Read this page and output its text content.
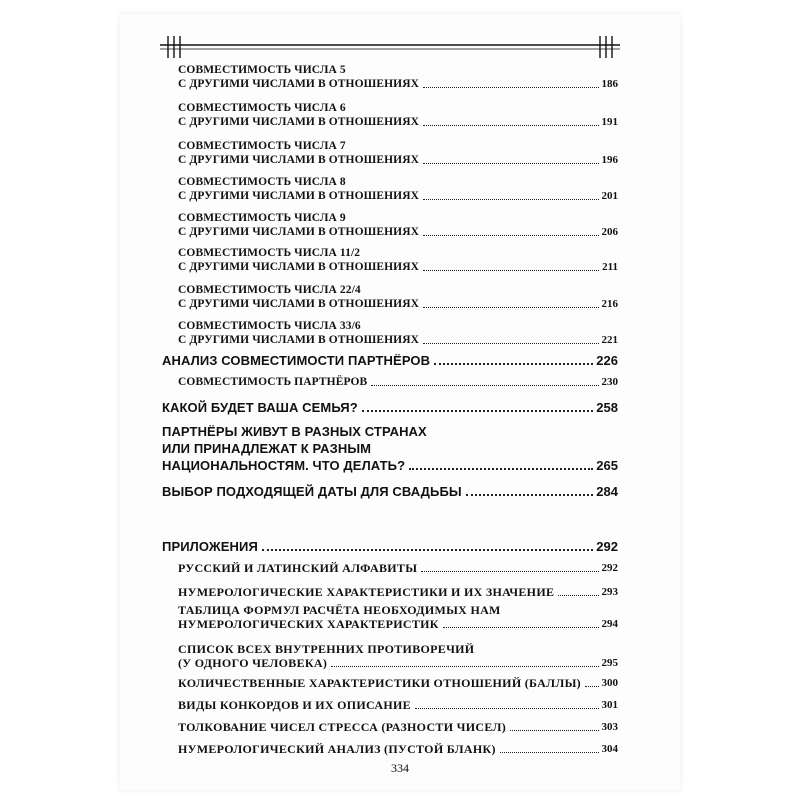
СОВМЕСТИМОСТЬ ЧИСЛА 5
С ДРУГИМИ ЧИСЛАМИ В ОТНОШЕНИЯХ	186
СОВМЕСТИМОСТЬ ЧИСЛА 6
С ДРУГИМИ ЧИСЛАМИ В ОТНОШЕНИЯХ	191
СОВМЕСТИМОСТЬ ЧИСЛА 7
С ДРУГИМИ ЧИСЛАМИ В ОТНОШЕНИЯХ	196
СОВМЕСТИМОСТЬ ЧИСЛА 8
С ДРУГИМИ ЧИСЛАМИ В ОТНОШЕНИЯХ	201
СОВМЕСТИМОСТЬ ЧИСЛА 9
С ДРУГИМИ ЧИСЛАМИ В ОТНОШЕНИЯХ	206
СОВМЕСТИМОСТЬ ЧИСЛА 11/2
С ДРУГИМИ ЧИСЛАМИ В ОТНОШЕНИЯХ	211
СОВМЕСТИМОСТЬ ЧИСЛА 22/4
С ДРУГИМИ ЧИСЛАМИ В ОТНОШЕНИЯХ	216
СОВМЕСТИМОСТЬ ЧИСЛА 33/6
С ДРУГИМИ ЧИСЛАМИ В ОТНОШЕНИЯХ	221
АНАЛИЗ СОВМЕСТИМОСТИ ПАРТНЁРОВ	226
СОВМЕСТИМОСТЬ ПАРТНЁРОВ	230
КАКОЙ БУДЕТ ВАША СЕМЬЯ?	258
ПАРТНЁРЫ ЖИВУТ В РАЗНЫХ СТРАНАХ
ИЛИ ПРИНАДЛЕЖАТ К РАЗНЫМ
НАЦИОНАЛЬНОСТЯМ. ЧТО ДЕЛАТЬ?	265
ВЫБОР ПОДХОДЯЩЕЙ ДАТЫ ДЛЯ СВАДЬБЫ	284
ПРИЛОЖЕНИЯ	292
РУССКИЙ И ЛАТИНСКИЙ АЛФАВИТЫ	292
НУМЕРОЛОГИЧЕСКИЕ ХАРАКТЕРИСТИКИ И ИХ ЗНАЧЕНИЕ	293
ТАБЛИЦА ФОРМУЛ РАСЧЁТА НЕОБХОДИМЫХ НАМ
НУМЕРОЛОГИЧЕСКИХ ХАРАКТЕРИСТИК	294
СПИСОК ВСЕХ ВНУТРЕННИХ ПРОТИВОРЕЧИЙ
(У ОДНОГО ЧЕЛОВЕКА)	295
КОЛИЧЕСТВЕННЫЕ ХАРАКТЕРИСТИКИ ОТНОШЕНИЙ (БАЛЛЫ) 300
ВИДЫ КОНКОРДОВ И ИХ ОПИСАНИЕ	301
ТОЛКОВАНИЕ ЧИСЕЛ СТРЕССА (РАЗНОСТИ ЧИСЕЛ)	303
НУМЕРОЛОГИЧЕСКИЙ АНАЛИЗ (ПУСТОЙ БЛАНК)	304
334
